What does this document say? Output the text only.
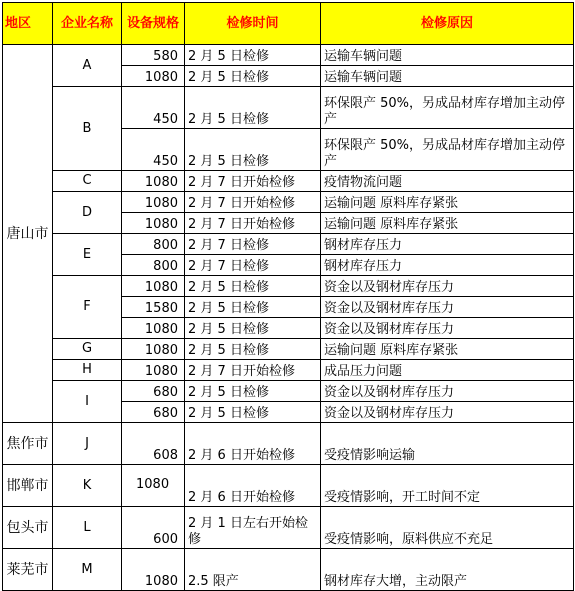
地区	企业名称	设备规格	检修时间	检修原因
唐山市	A	580	2 月 5 日检修	运输车辆问题
		1080	2 月 5 日检修	运输车辆问题
	B	450	2 月 5 日检修	环保限产 50%，另成品材库存增加主动停产
		450	2 月 5 日检修	环保限产 50%，另成品材库存增加主动停产
	C	1080	2 月 7 日开始检修	疫情物流问题
	D	1080	2 月 7 日开始检修	运输问题 原料库存紧张
		1080	2 月 7 日开始检修	运输问题 原料库存紧张
	E	800	2 月 7 日检修	钢材库存压力
		800	2 月 7 日检修	钢材库存压力
	F	1080	2 月 5 日检修	资金以及钢材库存压力
		1580	2 月 5 日检修	资金以及钢材库存压力
		1080	2 月 5 日检修	资金以及钢材库存压力
	G	1080	2 月 5 日检修	运输问题 原料库存紧张
	H	1080	2 月 7 日开始检修	成品压力问题
	I	680	2 月 5 日检修	资金以及钢材库存压力
		680	2 月 5 日检修	资金以及钢材库存压力
焦作市	J	608	2 月 6 日开始检修	受疫情影响运输
邯郸市	K	1080	2 月 6 日开始检修	受疫情影响，开工时间不定
包头市	L	600	2 月 1 日左右开始检修	受疫情影响，原料供应不充足
莱芜市	M	1080	2.5 限产	钢材库存大增，主动限产
